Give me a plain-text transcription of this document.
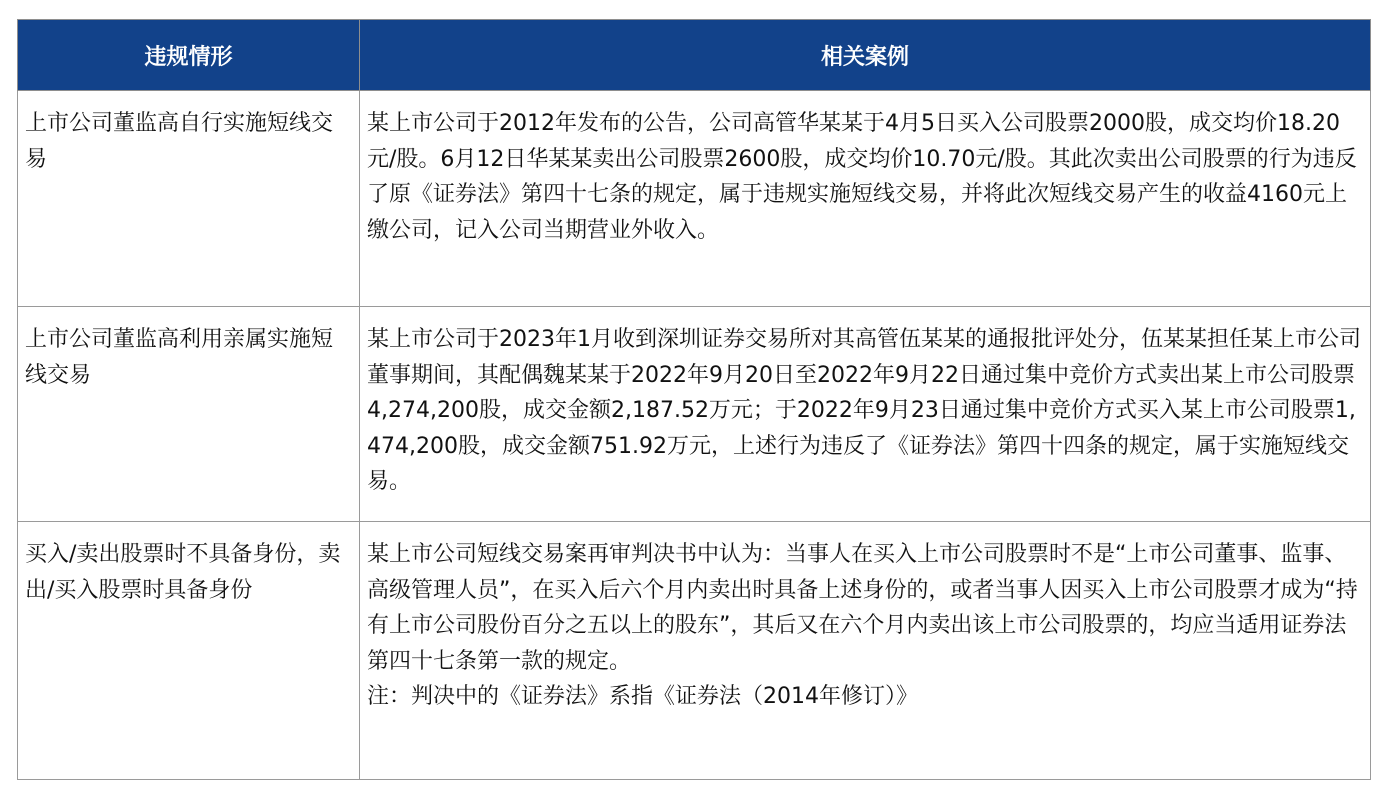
违规情形	相关案例
上市公司董监高自行实施短线交易	某上市公司于2012年发布的公告，公司高管华某某于4月5日买入公司股票2000股，成交均价18.20元/股。6月12日华某某卖出公司股票2600股，成交均价10.70元/股。其此次卖出公司股票的行为违反了原《证券法》第四十七条的规定，属于违规实施短线交易，并将此次短线交易产生的收益4160元上缴公司，记入公司当期营业外收入。

上市公司董监高利用亲属实施短线交易	某上市公司于2023年1月收到深圳证券交易所对其高管伍某某的通报批评处分，伍某某担任某上市公司董事期间，其配偶魏某某于2022年9月20日至2022年9月22日通过集中竞价方式卖出某上市公司股票4,274,200股，成交金额2,187.52万元；于2022年9月23日通过集中竞价方式买入某上市公司股票1,474,200股，成交金额751.92万元，上述行为违反了《证券法》第四十四条的规定，属于实施短线交易。

买入/卖出股票时不具备身份，卖出/买入股票时具备身份	某上市公司短线交易案再审判决书中认为：当事人在买入上市公司股票时不是“上市公司董事、监事、高级管理人员”，在买入后六个月内卖出时具备上述身份的，或者当事人因买入上市公司股票才成为“持有上市公司股份百分之五以上的股东”，其后又在六个月内卖出该上市公司股票的，均应当适用证券法第四十七条第一款的规定。
注：判决中的《证券法》系指《证券法（2014年修订）》
